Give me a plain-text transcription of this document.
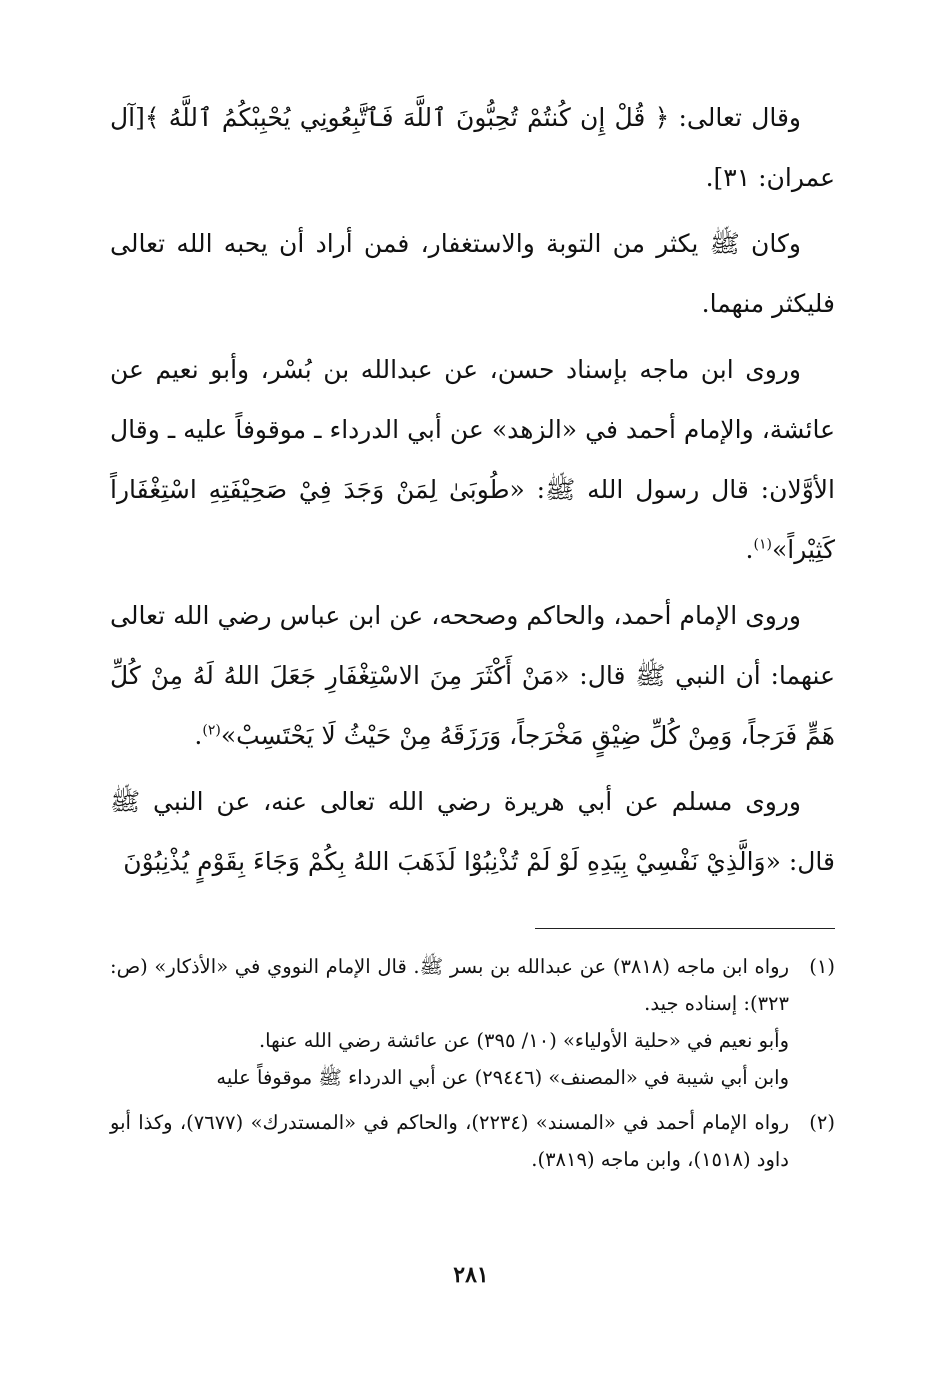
وقال تعالى: ﴿ قُلْ إِن كُنتُمْ تُحِبُّونَ ٱللَّهَ فَٱتَّبِعُونِي يُحْبِبْكُمُ ٱللَّهُ ﴾[آل عمران: ٣١].

وكان ﷺ يكثر من التوبة والاستغفار، فمن أراد أن يحبه الله تعالى فليكثر منهما.

وروى ابن ماجه بإسناد حسن، عن عبدالله بن بُسْر، وأبو نعيم عن عائشة، والإمام أحمد في «الزهد» عن أبي الدرداء ـ موقوفاً عليه ـ وقال الأوَّلان: قال رسول الله ﷺ: «طُوبَىٰ لِمَنْ وَجَدَ فِيْ صَحِيْفَتِهِ اسْتِغْفَاراً كَثِيْراً»$^{(١)}$.

وروى الإمام أحمد، والحاكم وصححه، عن ابن عباس رضي الله تعالى عنهما: أن النبي ﷺ قال: «مَنْ أَكْثَرَ مِنَ الاسْتِغْفَارِ جَعَلَ اللهُ لَهُ مِنْ كُلِّ هَمٍّ فَرَجاً، وَمِنْ كُلِّ ضِيْقٍ مَخْرَجاً، وَرَزَقَهُ مِنْ حَيْثُ لَا يَحْتَسِبْ»$^{(٢)}$.

وروى مسلم عن أبي هريرة رضي الله تعالى عنه، عن النبي ﷺ قال: «وَالَّذِيْ نَفْسِيْ بِيَدِهِ لَوْ لَمْ تُذْنِبُوْا لَذَهَبَ اللهُ بِكُمْ وَجَاءَ بِقَوْمٍ يُذْنِبُوْنَ

(١)
رواه ابن ماجه (٣٨١٨) عن عبدالله بن بسر ﷺ. قال الإمام النووي في «الأذكار» (ص: ٣٢٣): إسناده جيد.
وأبو نعيم في «حلية الأولياء» (١٠/ ٣٩٥) عن عائشة رضي الله عنها.
وابن أبي شيبة في «المصنف» (٢٩٤٤٦) عن أبي الدرداء ﷺ موقوفاً عليه
(٢)
رواه الإمام أحمد في «المسند» (٢٢٣٤)، والحاكم في «المستدرك» (٧٦٧٧)، وكذا أبو داود (١٥١٨)، وابن ماجه (٣٨١٩).
٢٨١
